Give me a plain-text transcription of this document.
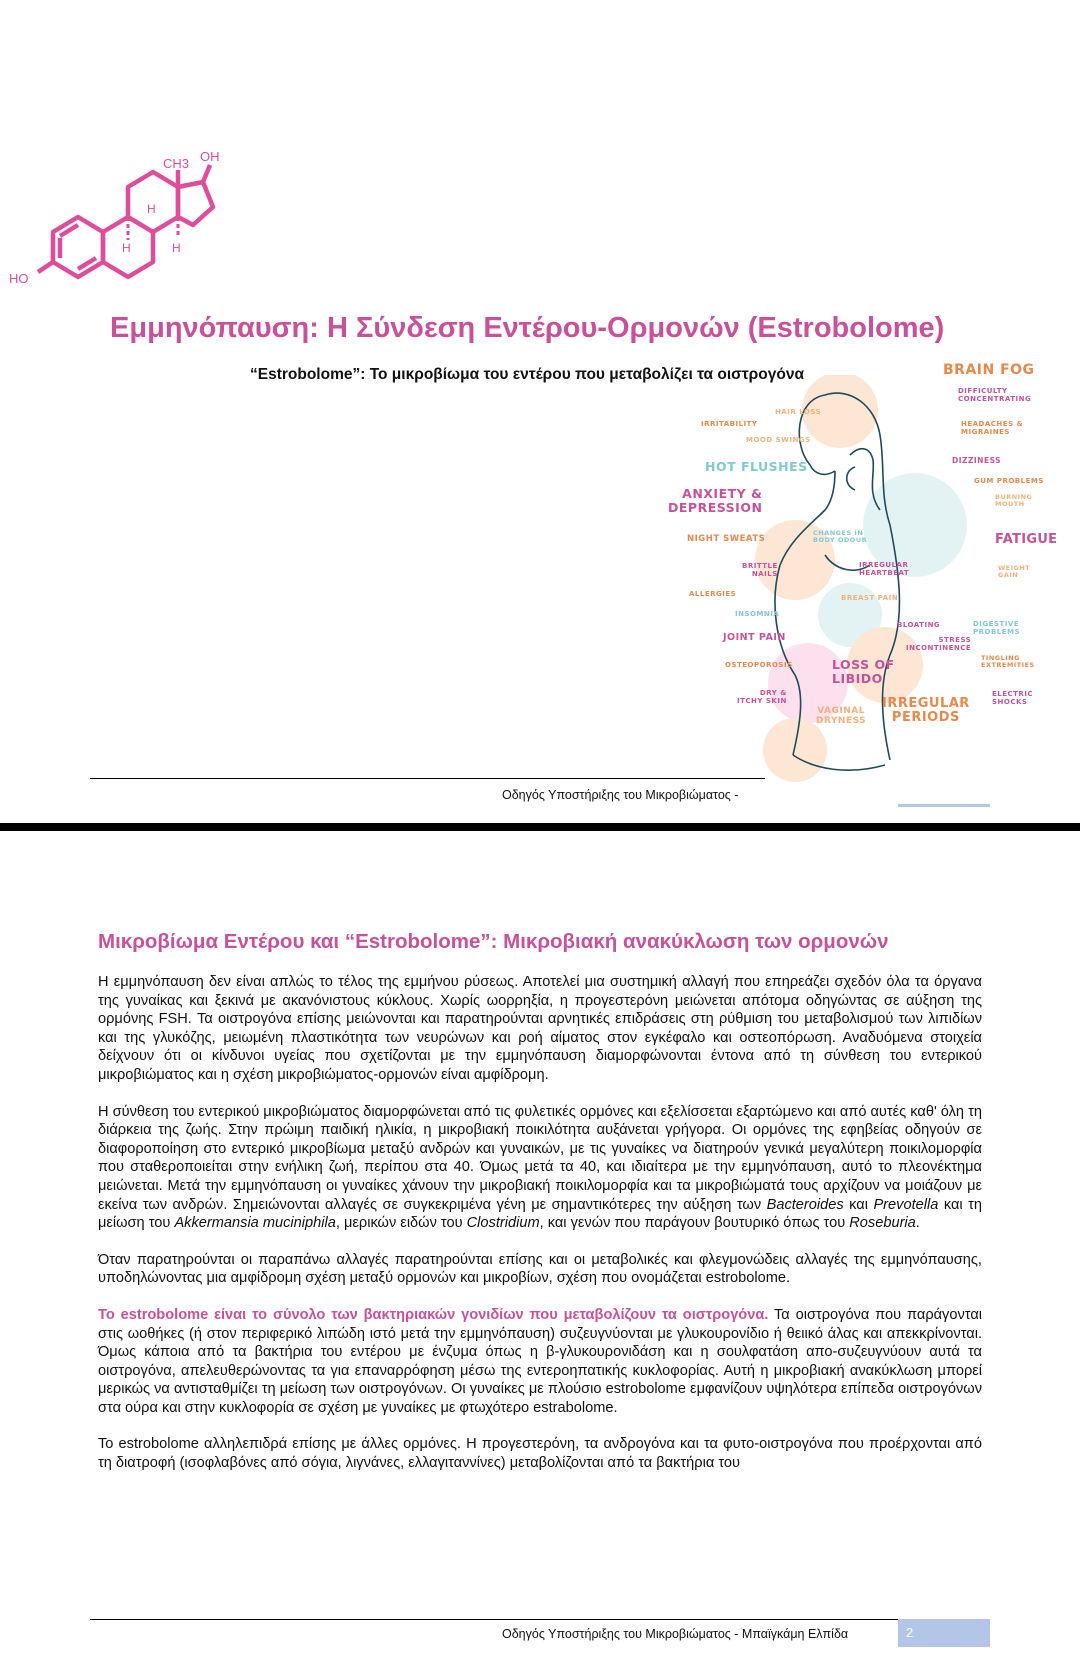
CH3 OH
HO
H
H	H
Εμμηνόπαυση: Η Σύνδεση Εντέρου-Ορμονών (Estrobolome)

“Estrobolome”: Το μικροβίωμα του εντέρου που μεταβολίζει τα οιστρογόνα	BRAIN FOG
DIFFICULTY
CONCENTRATING
HEADACHES &
MIGRAINES
DIZZINESS
GUM PROBLEMS
BURNING
MOUTH
FATIGUE
WEIGHT
GAIN
DIGESTIVE
PROBLEMS
TINGLING
EXTREMITIES
ELECTRIC
SHOCKS
IRREGULAR
PERIODS
HAIR LOSS
IRRITABILITY
MOOD SWINGS
HOT FLUSHES
ANXIETY &
DEPRESSION
NIGHT SWEATS
BRITTLE
NAILS
ALLERGIES
INSOMNIA
JOINT PAIN
OSTEOPOROSIS
DRY &
ITCHY SKIN
VAGINAL
DRYNESS
LOSS OF
LIBIDO
BLOATING
STRESS
INCONTINENCE
CHANGES IN
BODY ODOUR
IRREGULAR
HEARTBEAT
BREAST PAIN
Οδηγός Υποστήριξης του Μικροβιώματος -
Μικροβίωμα Εντέρου και “Estrobolome”: Μικροβιακή ανακύκλωση των ορμονών

Η εμμηνόπαυση δεν είναι απλώς το τέλος της εμμήνου ρύσεως. Αποτελεί μια συστημική αλλαγή που επηρεάζει σχεδόν όλα τα όργανα της γυναίκας και ξεκινά με ακανόνιστους κύκλους. Χωρίς ωορρηξία, η προγεστερόνη μειώνεται απότομα οδηγώντας σε αύξηση της ορμόνης FSH. Τα οιστρογόνα επίσης μειώνονται και παρατηρούνται αρνητικές επιδράσεις στη ρύθμιση του μεταβολισμού των λιπιδίων και της γλυκόζης, μειωμένη πλαστικότητα των νευρώνων και ροή αίματος στον εγκέφαλο και οστεοπόρωση. Αναδυόμενα στοιχεία δείχνουν ότι οι κίνδυνοι υγείας που σχετίζονται με την εμμηνόπαυση διαμορφώνονται έντονα από τη σύνθεση του εντερικού μικροβιώματος και η σχέση μικροβιώματος-ορμονών είναι αμφίδρομη.

Η σύνθεση του εντερικού μικροβιώματος διαμορφώνεται από τις φυλετικές ορμόνες και εξελίσσεται εξαρτώμενο και από αυτές καθ' όλη τη διάρκεια της ζωής. Στην πρώιμη παιδική ηλικία, η μικροβιακή ποικιλότητα αυξάνεται γρήγορα. Οι ορμόνες της εφηβείας οδηγούν σε διαφοροποίηση στο εντερικό μικροβίωμα μεταξύ ανδρών και γυναικών, με τις γυναίκες να διατηρούν γενικά μεγαλύτερη ποικιλομορφία που σταθεροποιείται στην ενήλικη ζωή, περίπου στα 40. Όμως μετά τα 40, και ιδιαίτερα με την εμμηνόπαυση, αυτό το πλεονέκτημα μειώνεται. Μετά την εμμηνόπαυση οι γυναίκες χάνουν την μικροβιακή ποικιλομορφία και τα μικροβιώματά τους αρχίζουν να μοιάζουν με εκείνα των ανδρών. Σημειώνονται αλλαγές σε συγκεκριμένα γένη με σημαντικότερες την αύξηση των Bacteroides και Prevotella και τη μείωση του Akkermansia muciniphila, μερικών ειδών του Clostridium, και γενών που παράγουν βουτυρικό όπως του Roseburia.

Όταν παρατηρούνται οι παραπάνω αλλαγές παρατηρούνται επίσης και οι μεταβολικές και φλεγμονώδεις αλλαγές της εμμηνόπαυσης, υποδηλώνοντας μια αμφίδρομη σχέση μεταξύ ορμονών και μικροβίων, σχέση που ονομάζεται estrobolome.

Το estrobolome είναι το σύνολο των βακτηριακών γονιδίων που μεταβολίζουν τα οιστρογόνα. Τα οιστρογόνα που παράγονται στις ωοθήκες (ή στον περιφερικό λιπώδη ιστό μετά την εμμηνόπαυση) συζευγνύονται με γλυκουρονίδιο ή θειικό άλας και απεκκρίνονται. Όμως κάποια από τα βακτήρια του εντέρου με ένζυμα όπως η β-γλυκουρονιδάση και η σουλφατάση απο-συζευγνύουν αυτά τα οιστρογόνα, απελευθερώνοντας τα για επαναρρόφηση μέσω της εντεροηπατικής κυκλοφορίας. Αυτή η μικροβιακή ανακύκλωση μπορεί μερικώς να αντισταθμίζει τη μείωση των οιστρογόνων. Οι γυναίκες με πλούσιο estrobolome εμφανίζουν υψηλότερα επίπεδα οιστρογόνων στα ούρα και στην κυκλοφορία σε σχέση με γυναίκες με φτωχότερο estrabolome.

Το estrobolome αλληλεπιδρά επίσης με άλλες ορμόνες. Η προγεστερόνη, τα ανδρογόνα και τα φυτο-οιστρογόνα που προέρχονται από τη διατροφή (ισοφλαβόνες από σόγια, λιγνάνες, ελλαγιταννίνες) μεταβολίζονται από τα βακτήρια του

Οδηγός Υποστήριξης του Μικροβιώματος - Μπαϊγκάμη Ελπίδα	2
